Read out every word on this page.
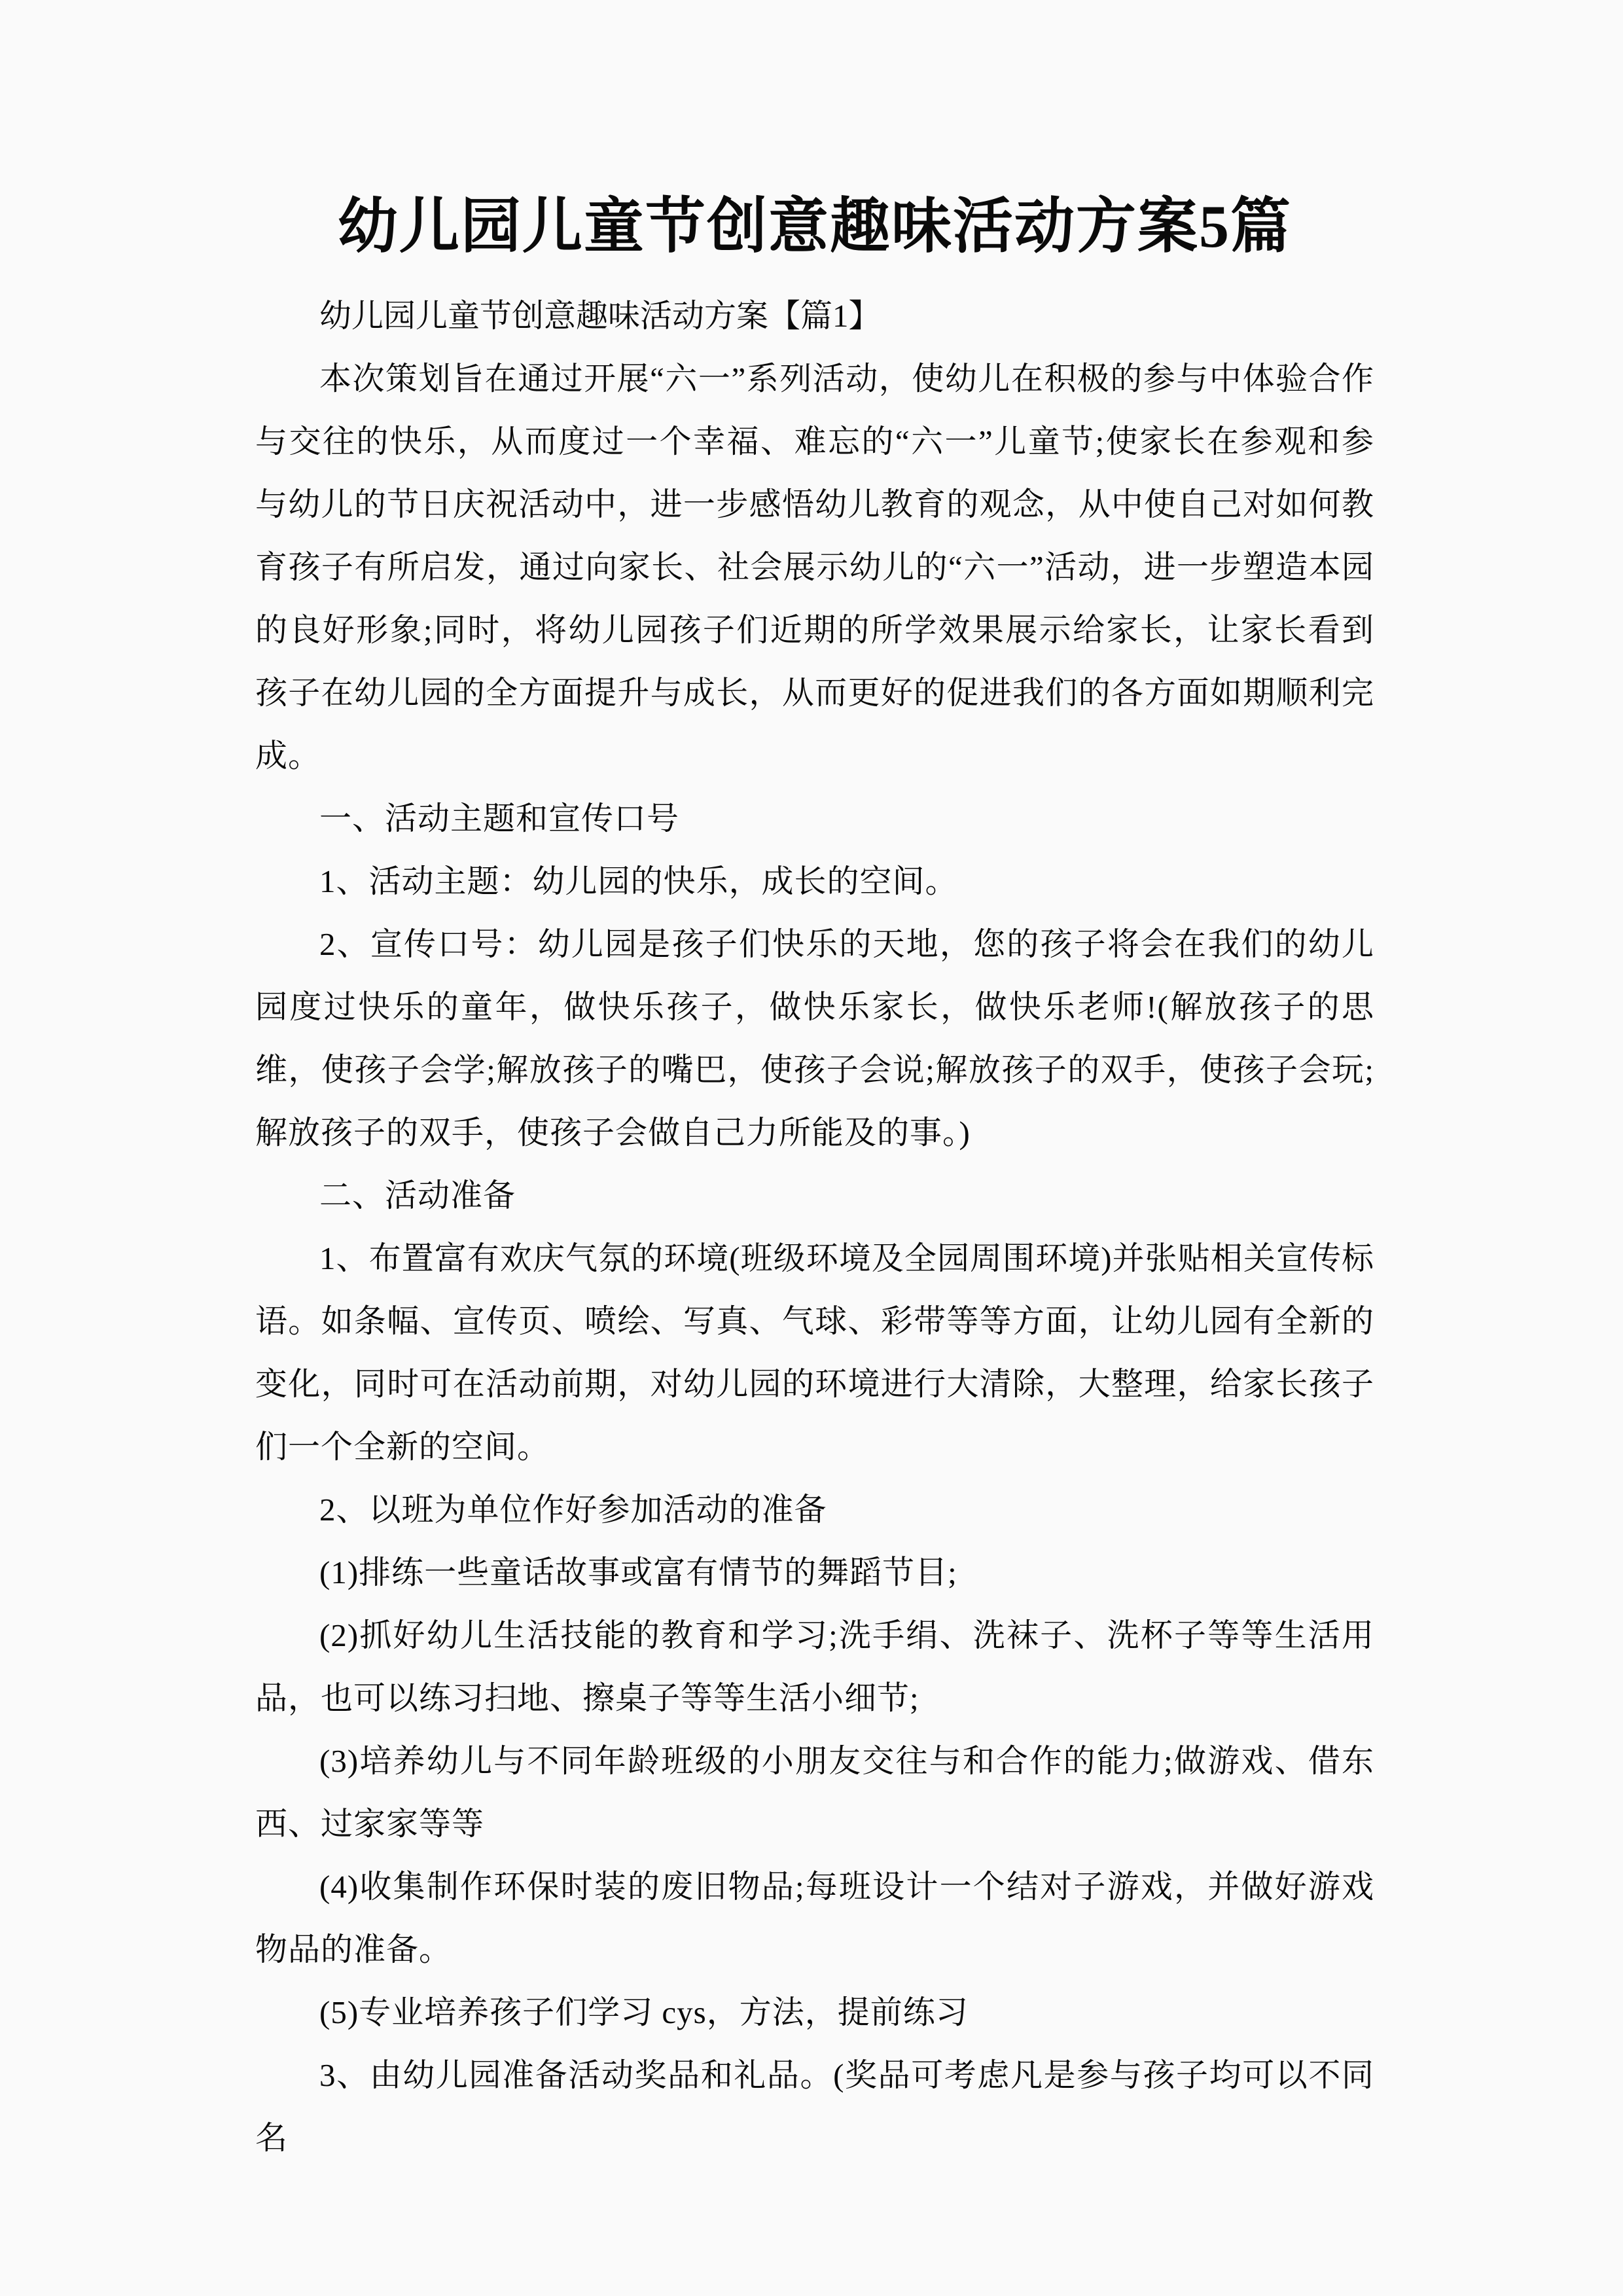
幼儿园儿童节创意趣味活动方案5篇

幼儿园儿童节创意趣味活动方案【篇1】

本次策划旨在通过开展“六一”系列活动，使幼儿在积极的参与中体验合作与交往的快乐，从而度过一个幸福、难忘的“六一”儿童节;使家长在参观和参与幼儿的节日庆祝活动中，进一步感悟幼儿教育的观念，从中使自己对如何教育孩子有所启发，通过向家长、社会展示幼儿的“六一”活动，进一步塑造本园的良好形象;同时，将幼儿园孩子们近期的所学效果展示给家长，让家长看到孩子在幼儿园的全方面提升与成长，从而更好的促进我们的各方面如期顺利完成。

一、活动主题和宣传口号

1、活动主题：幼儿园的快乐，成长的空间。

2、宣传口号：幼儿园是孩子们快乐的天地，您的孩子将会在我们的幼儿园度过快乐的童年，做快乐孩子，做快乐家长，做快乐老师!(解放孩子的思维，使孩子会学;解放孩子的嘴巴，使孩子会说;解放孩子的双手，使孩子会玩;解放孩子的双手，使孩子会做自己力所能及的事。)

二、活动准备

1、布置富有欢庆气氛的环境(班级环境及全园周围环境)并张贴相关宣传标语。如条幅、宣传页、喷绘、写真、气球、彩带等等方面，让幼儿园有全新的变化，同时可在活动前期，对幼儿园的环境进行大清除，大整理，给家长孩子们一个全新的空间。

2、以班为单位作好参加活动的准备

(1)排练一些童话故事或富有情节的舞蹈节目;

(2)抓好幼儿生活技能的教育和学习;洗手绢、洗袜子、洗杯子等等生活用品，也可以练习扫地、擦桌子等等生活小细节;

(3)培养幼儿与不同年龄班级的小朋友交往与和合作的能力;做游戏、借东西、过家家等等

(4)收集制作环保时装的废旧物品;每班设计一个结对子游戏，并做好游戏物品的准备。

(5)专业培养孩子们学习 cys，方法，提前练习

3、由幼儿园准备活动奖品和礼品。(奖品可考虑凡是参与孩子均可以不同名
